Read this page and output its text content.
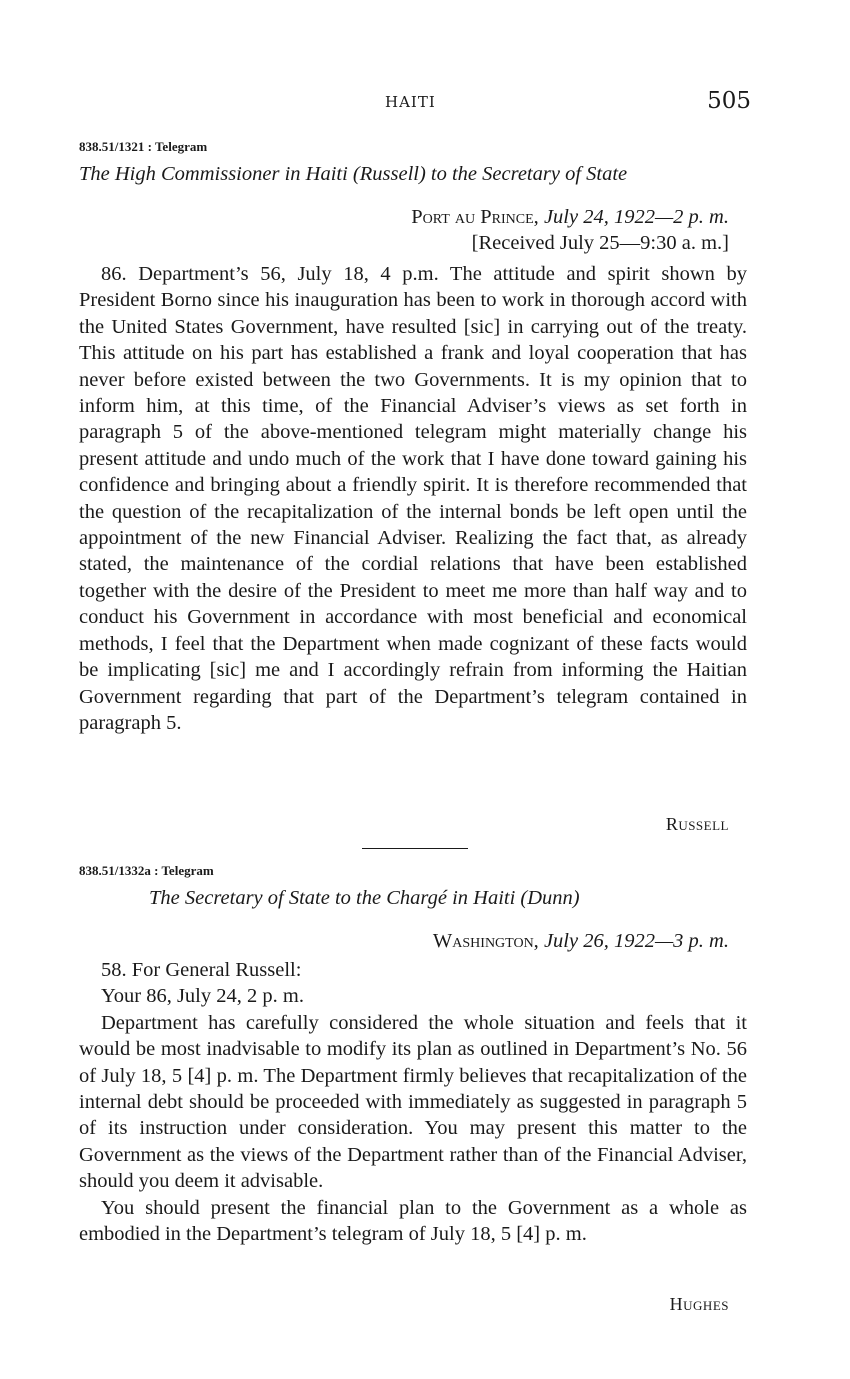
HAITI	505
838.51/1321 : Telegram
The High Commissioner in Haiti (Russell) to the Secretary of State
Port au Prince, July 24, 1922—2 p. m.
[Received July 25—9:30 a. m.]

86. Department’s 56, July 18, 4 p.m. The attitude and spirit shown by President Borno since his inauguration has been to work in thorough accord with the United States Government, have resulted [sic] in carrying out of the treaty. This attitude on his part has established a frank and loyal cooperation that has never before existed between the two Governments. It is my opinion that to inform him, at this time, of the Financial Adviser’s views as set forth in paragraph 5 of the above-mentioned telegram might materially change his present attitude and undo much of the work that I have done toward gaining his confidence and bringing about a friendly spirit. It is therefore recommended that the question of the recapitalization of the internal bonds be left open until the appointment of the new Financial Adviser. Realizing the fact that, as already stated, the maintenance of the cordial relations that have been established together with the desire of the President to meet me more than half way and to conduct his Government in accordance with most beneficial and economical methods, I feel that the Department when made cognizant of these facts would be implicating [sic] me and I accordingly refrain from informing the Haitian Government regarding that part of the Department’s telegram contained in paragraph 5.

Russell
838.51/1332a : Telegram
The Secretary of State to the Chargé in Haiti (Dunn)
Washington, July 26, 1922—3 p. m.

58. For General Russell:

Your 86, July 24, 2 p. m.

Department has carefully considered the whole situation and feels that it would be most inadvisable to modify its plan as outlined in Department’s No. 56 of July 18, 5 [4] p. m. The Department firmly believes that recapitalization of the internal debt should be proceeded with immediately as suggested in paragraph 5 of its instruction under consideration. You may present this matter to the Government as the views of the Department rather than of the Financial Adviser, should you deem it advisable.

You should present the financial plan to the Government as a whole as embodied in the Department’s telegram of July 18, 5 [4] p. m.

Hughes
